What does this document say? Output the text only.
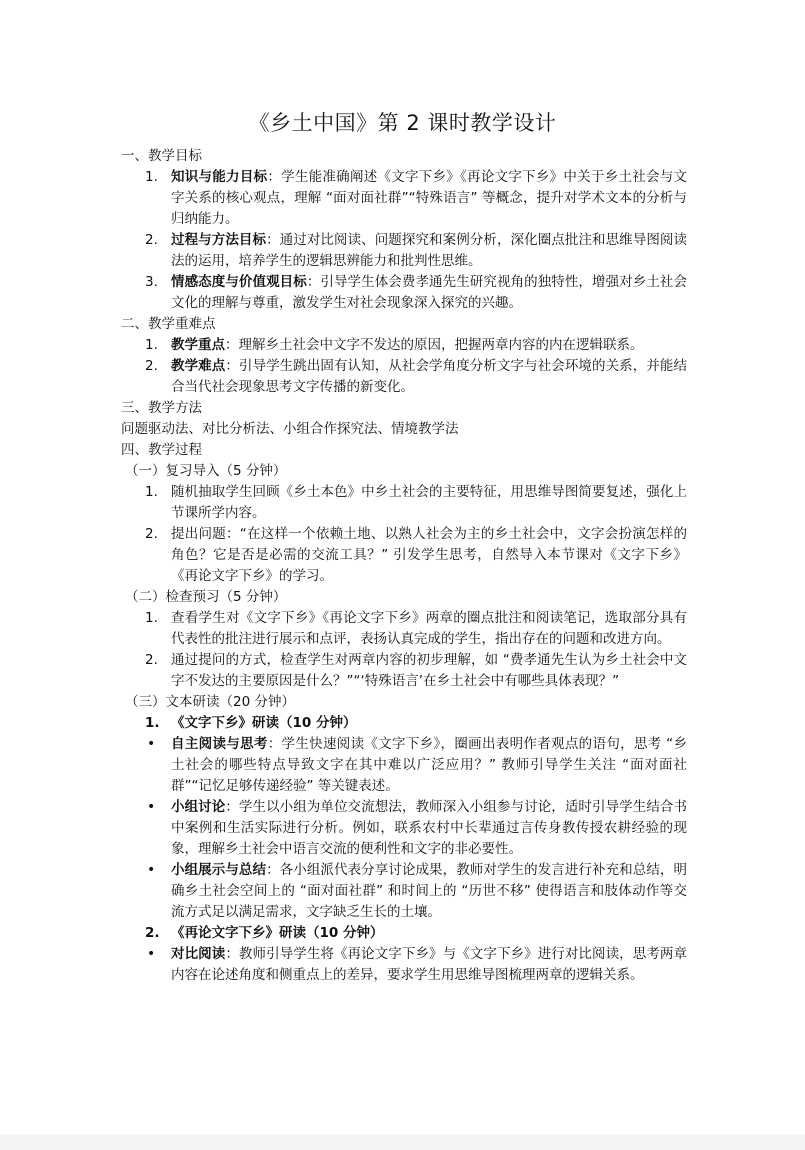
《乡土中国》第 2 课时教学设计
一、教学目标
1. 知识与能力目标：学生能准确阐述《文字下乡》《再论文字下乡》中关于乡土社会与文字关系的核心观点，理解 “面对面社群”“特殊语言” 等概念，提升对学术文本的分析与归纳能力。
2. 过程与方法目标：通过对比阅读、问题探究和案例分析，深化圈点批注和思维导图阅读法的运用，培养学生的逻辑思辨能力和批判性思维。
3. 情感态度与价值观目标：引导学生体会费孝通先生研究视角的独特性，增强对乡土社会文化的理解与尊重，激发学生对社会现象深入探究的兴趣。
二、教学重难点
1. 教学重点：理解乡土社会中文字不发达的原因，把握两章内容的内在逻辑联系。
2. 教学难点：引导学生跳出固有认知，从社会学角度分析文字与社会环境的关系，并能结合当代社会现象思考文字传播的新变化。
三、教学方法
问题驱动法、对比分析法、小组合作探究法、情境教学法
四、教学过程
（一）复习导入（5 分钟）
1. 随机抽取学生回顾《乡土本色》中乡土社会的主要特征，用思维导图简要复述，强化上节课所学内容。
2. 提出问题：“在这样一个依赖土地、以熟人社会为主的乡土社会中，文字会扮演怎样的角色？它是否是必需的交流工具？” 引发学生思考，自然导入本节课对《文字下乡》《再论文字下乡》的学习。
（二）检查预习（5 分钟）
1. 查看学生对《文字下乡》《再论文字下乡》两章的圈点批注和阅读笔记，选取部分具有代表性的批注进行展示和点评，表扬认真完成的学生，指出存在的问题和改进方向。
2. 通过提问的方式，检查学生对两章内容的初步理解，如 “费孝通先生认为乡土社会中文字不发达的主要原因是什么？”“‘特殊语言’在乡土社会中有哪些具体表现？”
（三）文本研读（20 分钟）
1. 《文字下乡》研读（10 分钟）
• 自主阅读与思考：学生快速阅读《文字下乡》，圈画出表明作者观点的语句，思考 “乡土社会的哪些特点导致文字在其中难以广泛应用？” 教师引导学生关注 “面对面社群”“记忆足够传递经验” 等关键表述。
• 小组讨论：学生以小组为单位交流想法，教师深入小组参与讨论，适时引导学生结合书中案例和生活实际进行分析。例如，联系农村中长辈通过言传身教传授农耕经验的现象，理解乡土社会中语言交流的便利性和文字的非必要性。
• 小组展示与总结：各小组派代表分享讨论成果，教师对学生的发言进行补充和总结，明确乡土社会空间上的 “面对面社群” 和时间上的 “历世不移” 使得语言和肢体动作等交流方式足以满足需求，文字缺乏生长的土壤。
2. 《再论文字下乡》研读（10 分钟）
• 对比阅读：教师引导学生将《再论文字下乡》与《文字下乡》进行对比阅读，思考两章内容在论述角度和侧重点上的差异，要求学生用思维导图梳理两章的逻辑关系。
